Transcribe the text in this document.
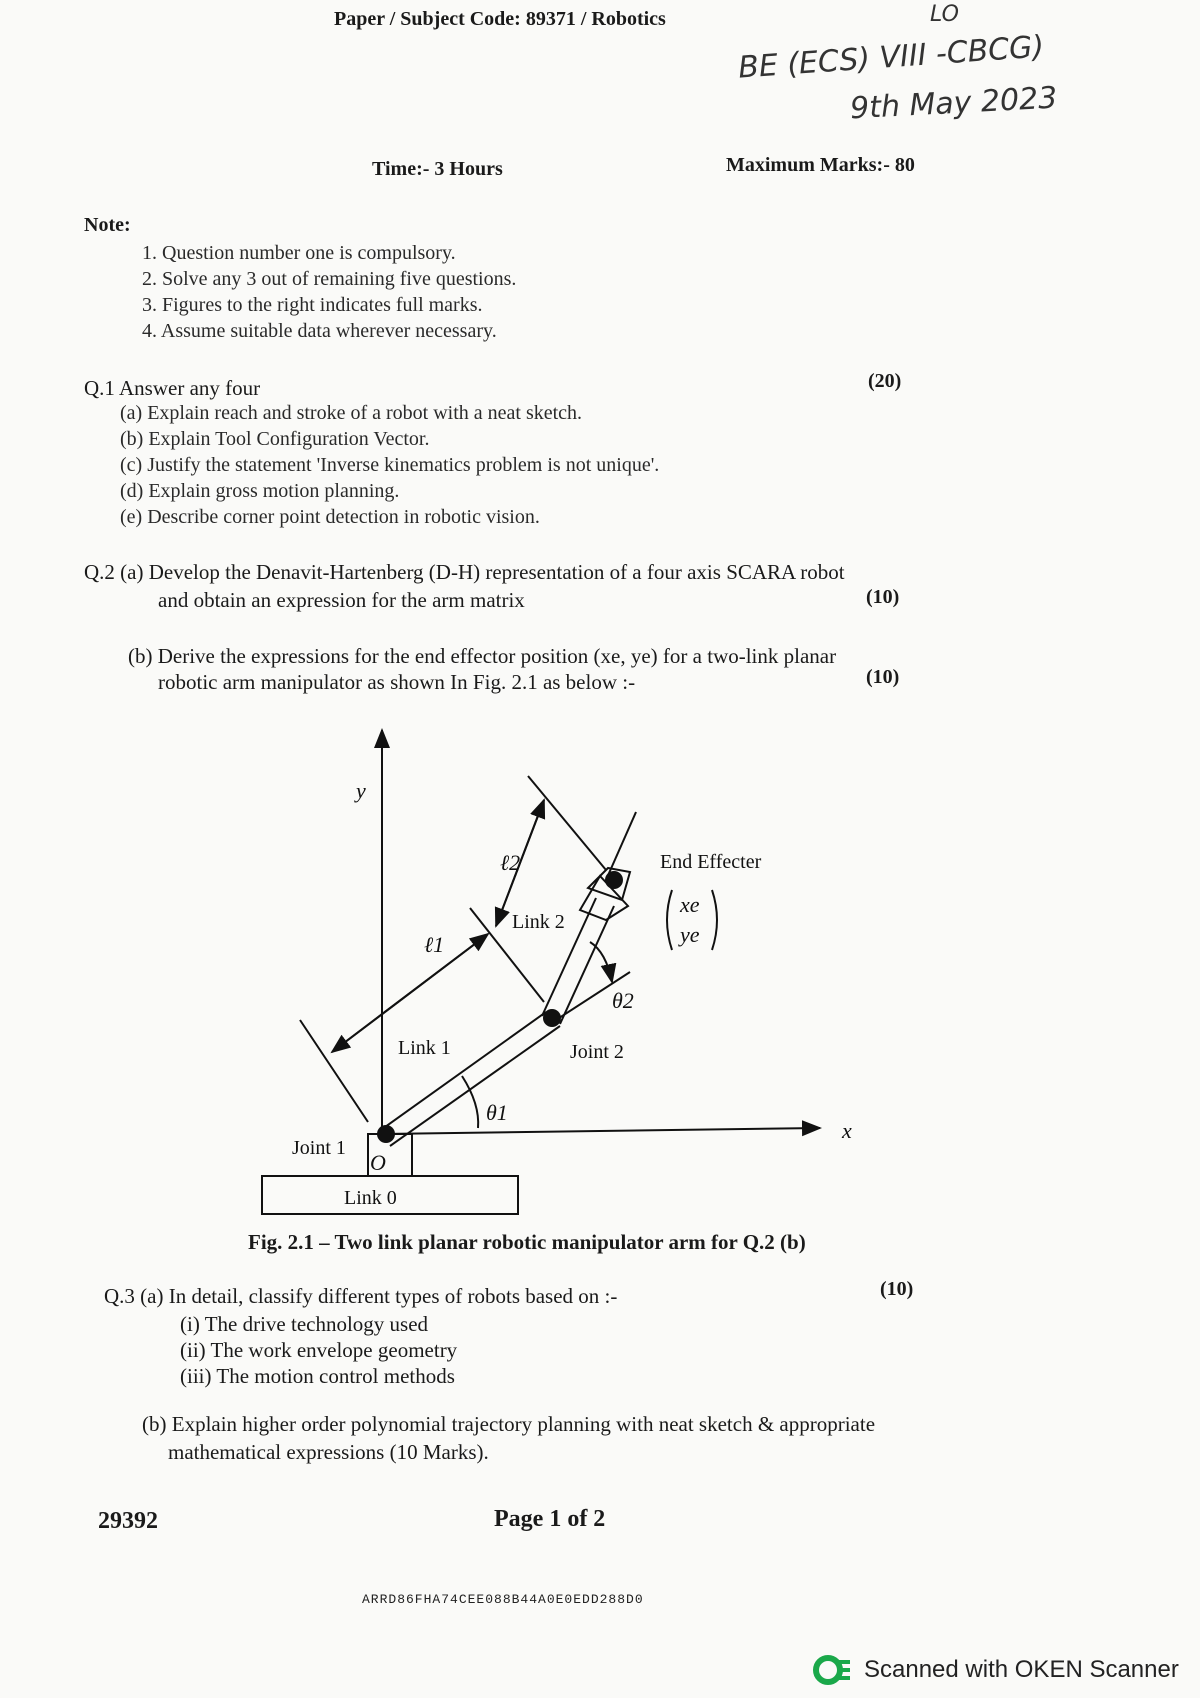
Paper / Subject Code: 89371 / Robotics	LO
BE (ECS) VIII -CBCG)
9th May 2023
Time:- 3 Hours	Maximum Marks:- 80
Note:
1. Question number one is compulsory.
2. Solve any 3 out of remaining five questions.
3. Figures to the right indicates full marks.
4. Assume suitable data wherever necessary.
Q.1 Answer any four	(20)
(a) Explain reach and stroke of a robot with a neat sketch.
(b) Explain Tool Configuration Vector.
(c) Justify the statement 'Inverse kinematics problem is not unique'.
(d) Explain gross motion planning.
(e) Describe corner point detection in robotic vision.
Q.2 (a) Develop the Denavit-Hartenberg (D-H) representation of a four axis SCARA robot
and obtain an expression for the arm matrix	(10)
(b) Derive the expressions for the end effector position (xe, ye) for a two-link planar
robotic arm manipulator as shown In Fig. 2.1 as below :-	(10)
y
x
ℓ2
ℓ1
Link 2
Link 1
Link 0
End Effecter
xe
ye
θ2
θ1
Joint 2
Joint 1
O
Fig. 2.1 – Two link planar robotic manipulator arm for Q.2 (b)
Q.3 (a) In detail, classify different types of robots based on :-	(10)
(i) The drive technology used
(ii) The work envelope geometry
(iii) The motion control methods
(b) Explain higher order polynomial trajectory planning with neat sketch & appropriate
mathematical expressions (10 Marks).
29392	Page 1 of 2
ARRD86FHA74CEE088B44A0E0EDD288D0
Scanned with OKEN Scanner
